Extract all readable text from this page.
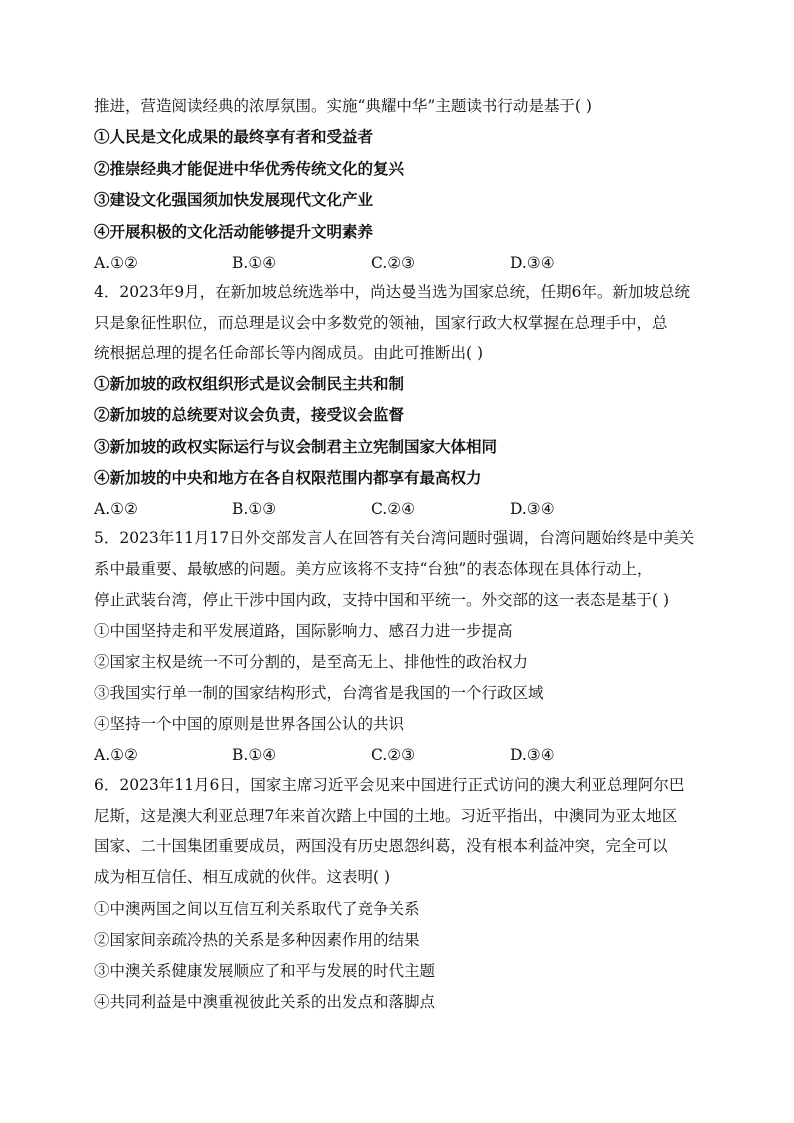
推进，营造阅读经典的浓厚氛围。实施“典耀中华”主题读书行动是基于( )
①人民是文化成果的最终享有者和受益者
②推崇经典才能促进中华优秀传统文化的复兴
③建设文化强国须加快发展现代文化产业
④开展积极的文化活动能够提升文明素养
A.①②	B.①④	C.②③	D.③④
4．2023年9月，在新加坡总统选举中，尚达曼当选为国家总统，任期6年。新加坡总统
只是象征性职位，而总理是议会中多数党的领袖，国家行政大权掌握在总理手中，总
统根据总理的提名任命部长等内阁成员。由此可推断出( )
①新加坡的政权组织形式是议会制民主共和制
②新加坡的总统要对议会负责，接受议会监督
③新加坡的政权实际运行与议会制君主立宪制国家大体相同
④新加坡的中央和地方在各自权限范围内都享有最高权力
A.①②	B.①③	C.②④	D.③④
5．2023年11月17日外交部发言人在回答有关台湾问题时强调，台湾问题始终是中美关
系中最重要、最敏感的问题。美方应该将不支持“台独”的表态体现在具体行动上，
停止武装台湾，停止干涉中国内政，支持中国和平统一。外交部的这一表态是基于( )
①中国坚持走和平发展道路，国际影响力、感召力进一步提高
②国家主权是统一不可分割的，是至高无上、排他性的政治权力
③我国实行单一制的国家结构形式，台湾省是我国的一个行政区域
④坚持一个中国的原则是世界各国公认的共识
A.①②	B.①④	C.②③	D.③④
6．2023年11月6日，国家主席习近平会见来中国进行正式访问的澳大利亚总理阿尔巴
尼斯，这是澳大利亚总理7年来首次踏上中国的土地。习近平指出，中澳同为亚太地区
国家、二十国集团重要成员，两国没有历史恩怨纠葛，没有根本利益冲突，完全可以
成为相互信任、相互成就的伙伴。这表明( )
①中澳两国之间以互信互利关系取代了竞争关系
②国家间亲疏冷热的关系是多种因素作用的结果
③中澳关系健康发展顺应了和平与发展的时代主题
④共同利益是中澳重视彼此关系的出发点和落脚点
